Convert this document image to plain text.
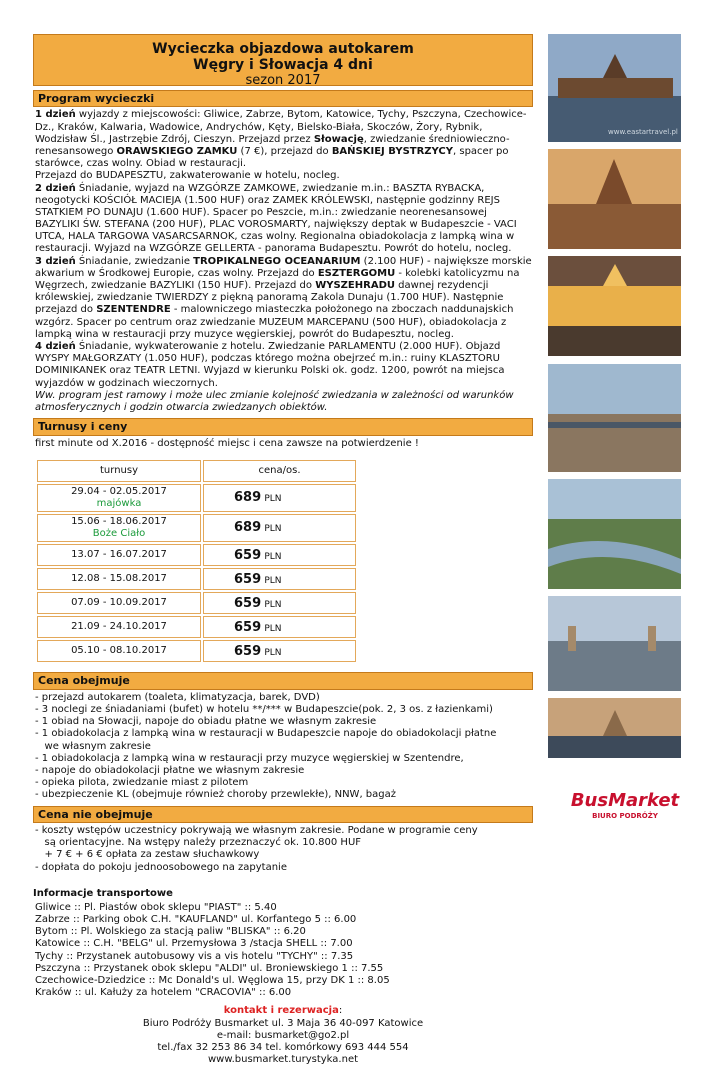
Wycieczka objazdowa autokarem
Węgry i Słowacja 4 dni
sezon 2017
Program wycieczki
1 dzień wyjazdy z miejscowości: Gliwice, Zabrze, Bytom, Katowice, Tychy, Pszczyna, Czechowice-Dz., Kraków, Kalwaria, Wadowice, Andrychów, Kęty, Bielsko-Biała, Skoczów, Żory, Rybnik, Wodzisław Śl., Jastrzębie Zdrój, Cieszyn. Przejazd przez Słowację, zwiedzanie średniowieczno-renesansowego ORAWSKIEGO ZAMKU (7 €), przejazd do BAŃSKIEJ BYSTRZYCY, spacer po starówce, czas wolny. Obiad w restauracji.
Przejazd do BUDAPESZTU, zakwaterowanie w hotelu, nocleg.
2 dzień Śniadanie, wyjazd na WZGÓRZE ZAMKOWE, zwiedzanie m.in.: BASZTA RYBACKA, neogotycki KOŚCIÓŁ MACIEJA (1.500 HUF) oraz ZAMEK KRÓLEWSKI, następnie godzinny REJS STATKIEM PO DUNAJU (1.600 HUF). Spacer po Peszcie, m.in.: zwiedzanie neorenesansowej BAZYLIKI ŚW. STEFANA (200 HUF), PLAC VOROSMARTY, największy deptak w Budapeszcie - VACI UTCA, HALA TARGOWA VASARCSARNOK, czas wolny. Regionalna obiadokolacja z lampką wina w restauracji. Wyjazd na WZGÓRZE GELLERTA - panorama Budapesztu. Powrót do hotelu, nocleg.
3 dzień Śniadanie, zwiedzanie TROPIKALNEGO OCEANARIUM (2.100 HUF) - największe morskie akwarium w Środkowej Europie, czas wolny. Przejazd do ESZTERGOMU - kolebki katolicyzmu na Węgrzech, zwiedzanie BAZYLIKI (150 HUF). Przejazd do WYSZEHRADU dawnej rezydencji królewskiej, zwiedzanie TWIERDZY z piękną panoramą Zakola Dunaju (1.700 HUF). Następnie przejazd do SZENTENDRE - malowniczego miasteczka położonego na zboczach naddunajskich wzgórz. Spacer po centrum oraz zwiedzanie MUZEUM MARCEPANU (500 HUF), obiadokolacja z lampką wina w restauracji przy muzyce węgierskiej, powrót do Budapesztu, nocleg.
4 dzień Śniadanie, wykwaterowanie z hotelu. Zwiedzanie PARLAMENTU (2.000 HUF). Objazd WYSPY MAŁGORZATY (1.050 HUF), podczas którego można obejrzeć m.in.: ruiny KLASZTORU DOMINIKANEK oraz TEATR LETNI. Wyjazd w kierunku Polski ok. godz. 1200, powrót na miejsca wyjazdów w godzinach wieczornych.
Ww. program jest ramowy i może ulec zmianie kolejność zwiedzania w zależności od warunków atmosferycznych i godzin otwarcia zwiedzanych obiektów.
Turnusy i ceny
first minute od X.2016 - dostępność miejsc i cena zawsze na potwierdzenie !
turnusy	cena/os.

29.04 - 02.05.2017
majówka	689 PLN

15.06 - 18.06.2017
Boże Ciało	689 PLN

13.07 - 16.07.2017	659 PLN

12.08 - 15.08.2017	659 PLN

07.09 - 10.09.2017	659 PLN

21.09 - 24.10.2017	659 PLN

05.10 - 08.10.2017	659 PLN
Cena obejmuje
- przejazd autokarem (toaleta, klimatyzacja, barek, DVD)
- 3 noclegi ze śniadaniami (bufet) w hotelu **/*** w Budapeszcie(pok. 2, 3 os. z łazienkami)
- 1 obiad na Słowacji, napoje do obiadu płatne we własnym zakresie
- 1 obiadokolacja z lampką wina w restauracji w Budapeszcie napoje do obiadokolacji płatne
we własnym zakresie
- 1 obiadokolacja z lampką wina w restauracji przy muzyce węgierskiej w Szentendre,
- napoje do obiadokolacji płatne we własnym zakresie
- opieka pilota, zwiedzanie miast z pilotem
- ubezpieczenie KL (obejmuje również choroby przewlekłe), NNW, bagaż
Cena nie obejmuje
- koszty wstępów uczestnicy pokrywają we własnym zakresie. Podane w programie ceny
są orientacyjne. Na wstępy należy przeznaczyć ok. 10.800 HUF
+ 7 € + 6 € opłata za zestaw słuchawkowy
- dopłata do pokoju jednoosobowego na zapytanie
Informacje transportowe
Gliwice :: Pl. Piastów obok sklepu "PIAST" :: 5.40
Zabrze :: Parking obok C.H. "KAUFLAND" ul. Korfantego 5 :: 6.00
Bytom :: Pl. Wolskiego za stacją paliw "BLISKA" :: 6.20
Katowice :: C.H. "BELG" ul. Przemysłowa 3 /stacja SHELL :: 7.00
Tychy :: Przystanek autobusowy vis a vis hotelu "TYCHY" :: 7.35
Pszczyna :: Przystanek obok sklepu "ALDI" ul. Broniewskiego 1 :: 7.55
Czechowice-Dziedzice :: Mc Donald's ul. Węglowa 15, przy DK 1 :: 8.05
Kraków :: ul. Kałuży za hotelem "CRACOVIA" :: 6.00
kontakt i rezerwacja:
Biuro Podróży Busmarket ul. 3 Maja 36 40-097 Katowice
e-mail: busmarket@go2.pl
tel./fax 32 253 86 34 tel. komórkowy 693 444 554
www.busmarket.turystyka.net
www.eastartravel.pl

BusMarket
BIURO PODRÓŻY
